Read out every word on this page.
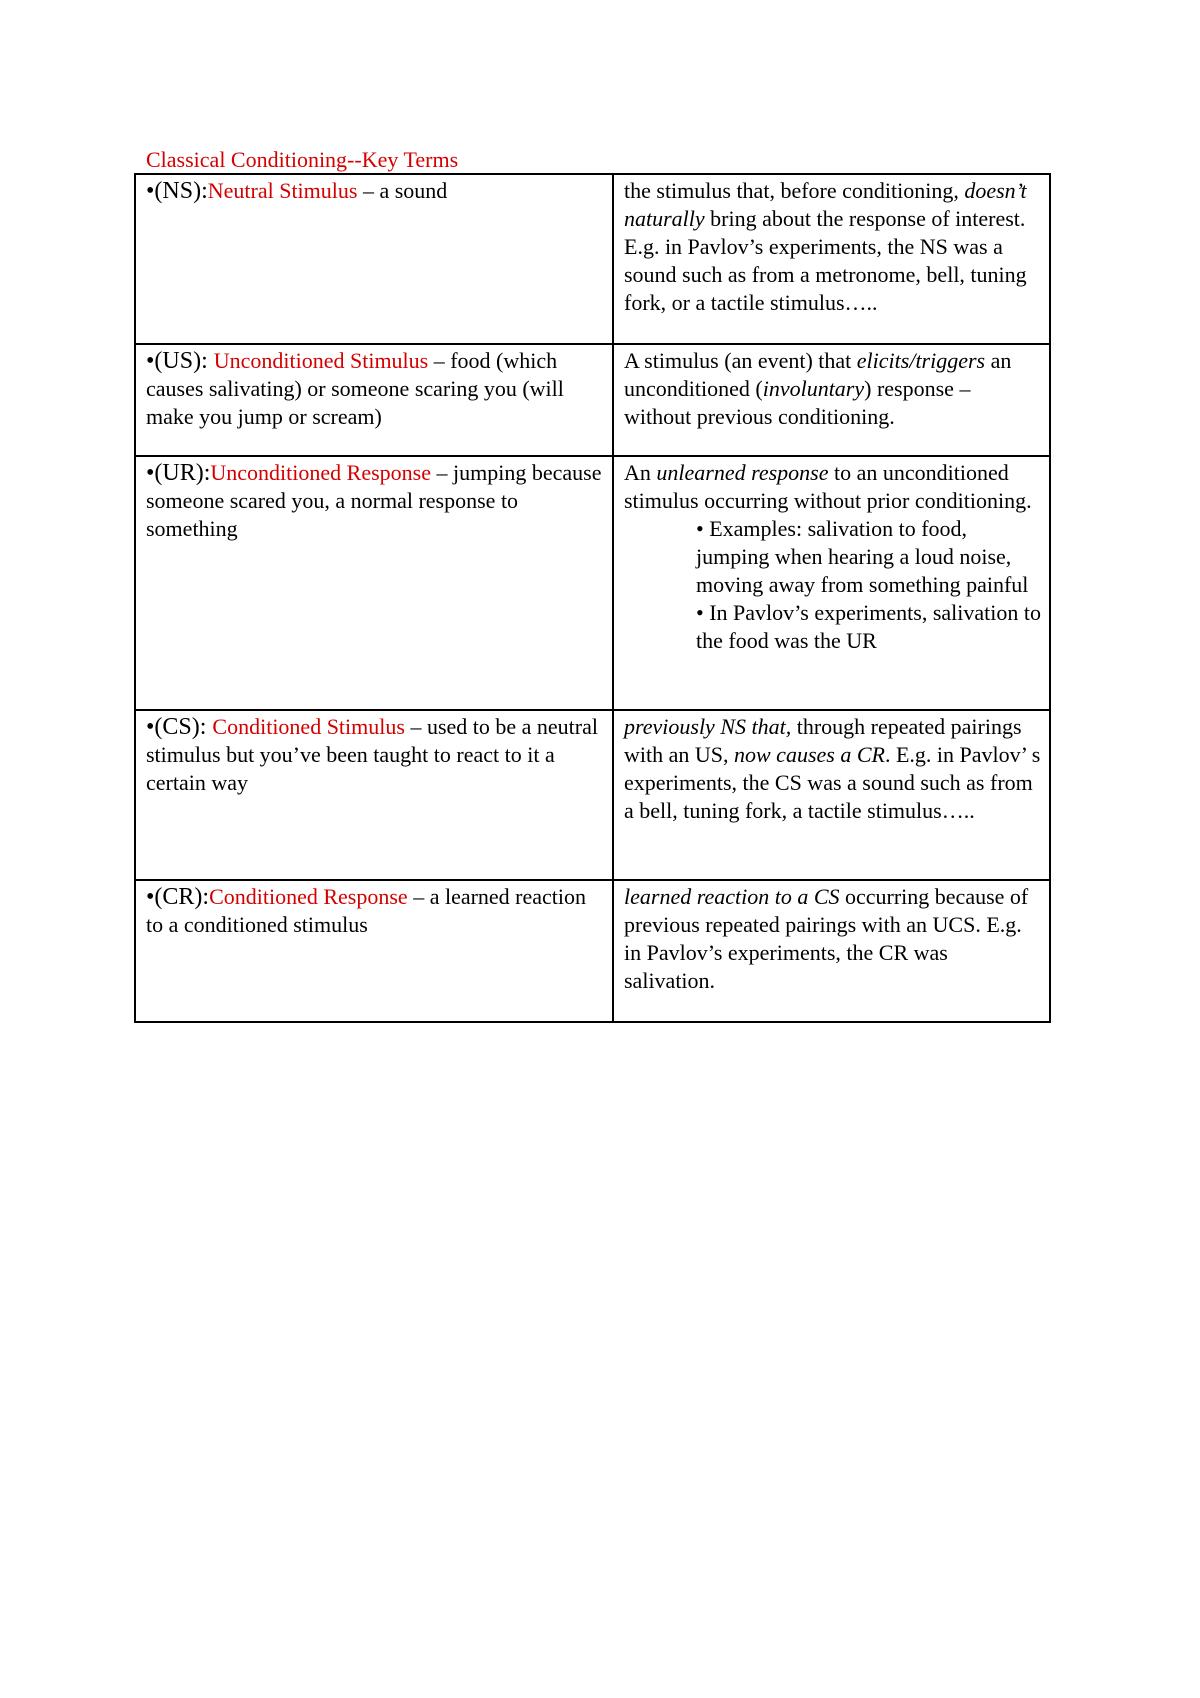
Classical Conditioning--Key Terms
•(NS):Neutral Stimulus – a sound	the stimulus that, before conditioning, doesn’t naturally bring about the response of interest. E.g. in Pavlov’s experiments, the NS was a sound such as from a metronome, bell, tuning fork, or a tactile stimulus…..

•(US): Unconditioned Stimulus – food (which causes salivating) or someone scaring you (will make you jump or scream)	A stimulus (an event) that elicits/triggers an unconditioned (involuntary) response – without previous conditioning.

•(UR):Unconditioned Response – jumping because someone scared you, a normal response to something	An unlearned response to an unconditioned stimulus occurring without prior conditioning.
• Examples: salivation to food, jumping when hearing a loud noise, moving away from something painful
• In Pavlov’s experiments, salivation to the food was the UR

•(CS): Conditioned Stimulus – used to be a neutral stimulus but you’ve been taught to react to it a certain way	previously NS that, through repeated pairings with an US, now causes a CR. E.g. in Pavlov’ s experiments, the CS was a sound such as from a bell, tuning fork, a tactile stimulus…..

•(CR):Conditioned Response – a learned reaction to a conditioned stimulus	learned reaction to a CS occurring because of previous repeated pairings with an UCS. E.g. in Pavlov’s experiments, the CR was salivation.
